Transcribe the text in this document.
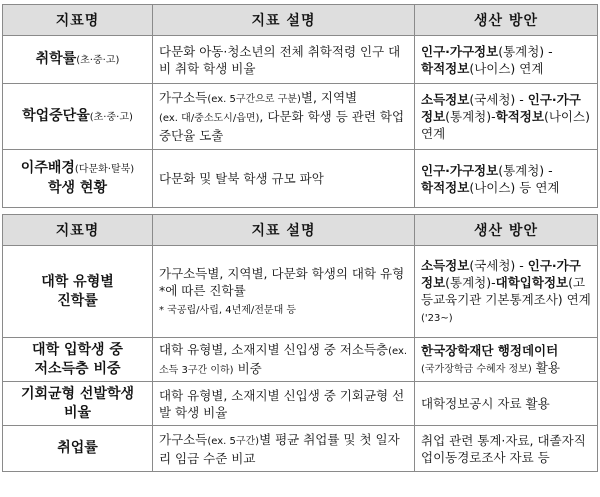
지표명	지표 설명	생산 방안
취학률(초·중·고)	다문화 아동·청소년의 전체 취학적령 인구 대비 취학 학생 비율	인구·가구정보(통계청) -
학적정보(나이스) 연계
학업중단율(초·중·고)	가구소득(ex. 5구간으로 구분)별, 지역별
(ex. 대/중소도시/읍면), 다문화 학생 등 관련 학업중단율 도출	소득정보(국세청) - 인구·가구정보(통계청)-학적정보(나이스) 연계
이주배경(다문화·탈북)
학생 현황	다문화 및 탈북 학생 규모 파악	인구·가구정보(통계청) -
학적정보(나이스) 등 연계
지표명	지표 설명	생산 방안
대학 유형별
진학률	가구소득별, 지역별, 다문화 학생의 대학 유형*에 따른 진학률
* 국공립/사립, 4년제/전문대 등	소득정보(국세청) - 인구·가구정보(통계청)-대학입학정보(고등교육기관 기본통계조사) 연계('23~)
대학 입학생 중
저소득층 비중	대학 유형별, 소재지별 신입생 중 저소득층(ex. 소득 3구간 이하) 비중	한국장학재단 행정데이터
(국가장학금 수혜자 정보) 활용
기회균형 선발학생
비율	대학 유형별, 소재지별 신입생 중 기회균형 선발 학생 비율	대학정보공시 자료 활용
취업률	가구소득(ex. 5구간)별 평균 취업률 및 첫 일자리 임금 수준 비교	취업 관련 통계·자료, 대졸자직업이동경로조사 자료 등
